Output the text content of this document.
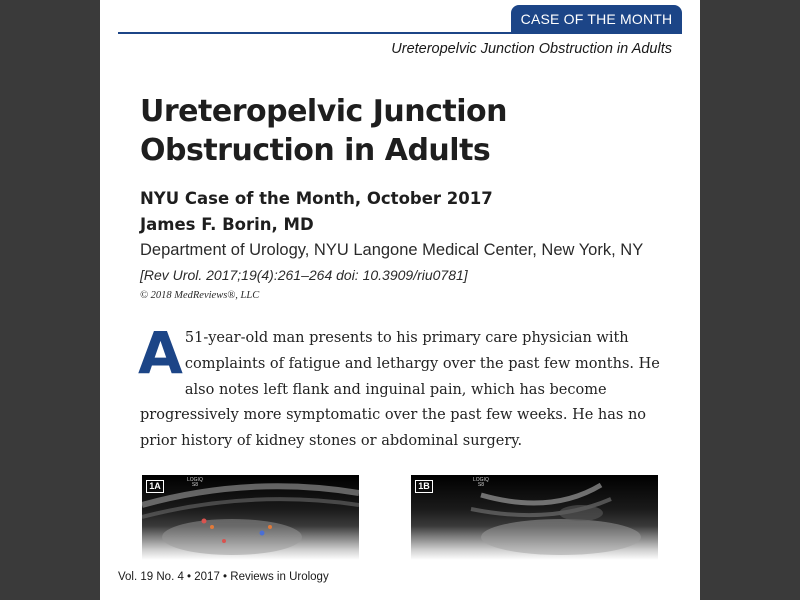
CASE OF THE MONTH
Ureteropelvic Junction Obstruction in Adults
Ureteropelvic Junction
Obstruction in Adults
NYU Case of the Month, October 2017
James F. Borin, MD
Department of Urology, NYU Langone Medical Center, New York, NY
[Rev Urol. 2017;19(4):261–264 doi: 10.3909/riu0781]
© 2018 MedReviews®, LLC

A 51-year-old man presents to his primary care physician with complaints of fatigue and lethargy over the past few months. He also notes left flank and inguinal pain, which has become progressively more symptomatic over the past few weeks. He has no prior history of kidney stones or abdominal surgery.

1A
LOGIQ
S8	1B
LOGIQ
S8
Vol. 19 No. 4 • 2017 • Reviews in Urology
